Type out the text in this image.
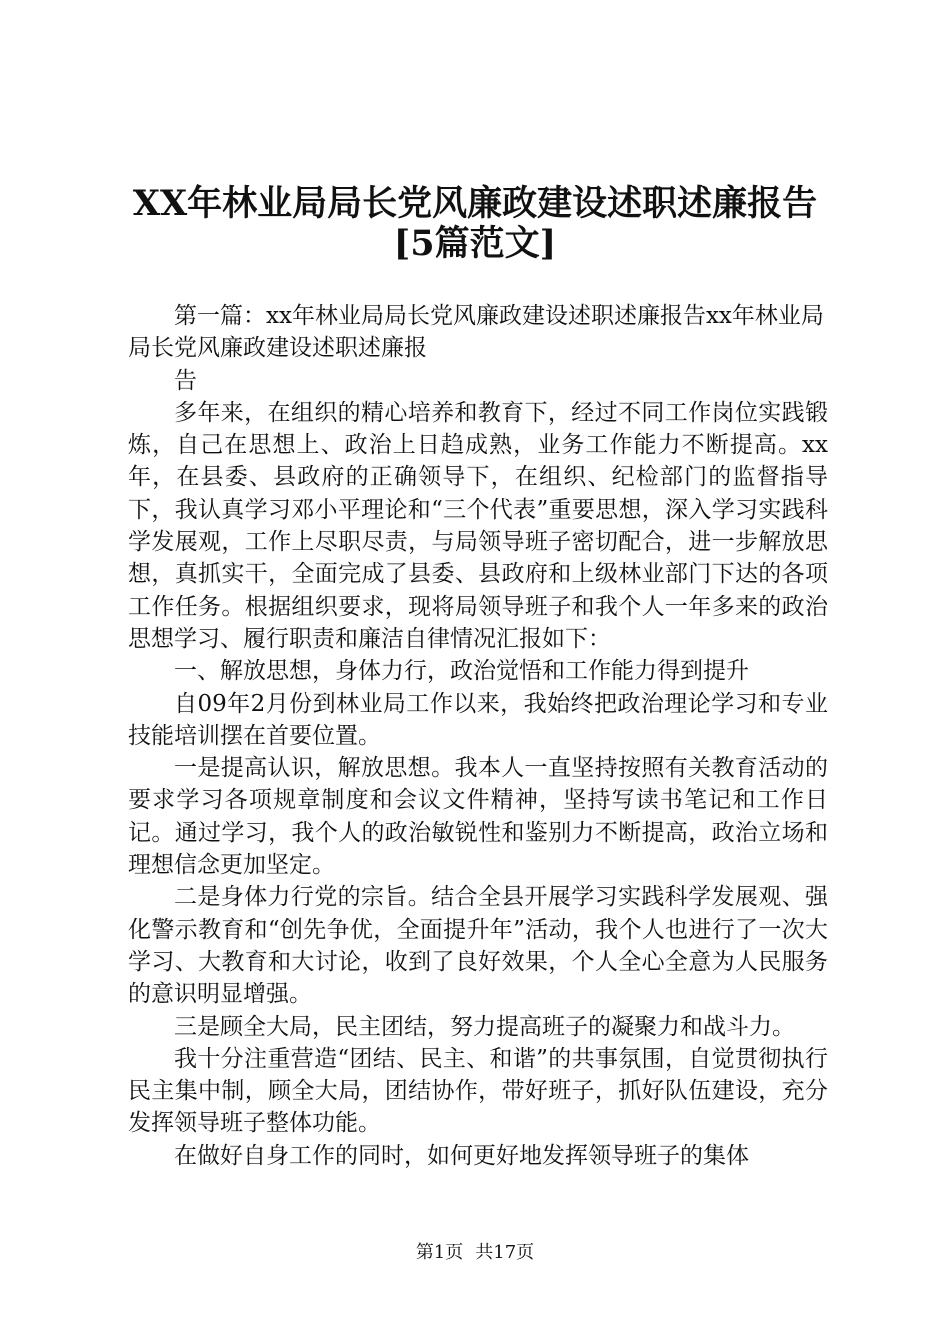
XX年林业局局长党风廉政建设述职述廉报告
[5篇范文]

第一篇：xx年林业局局长党风廉政建设述职述廉报告xx年林业局局长党风廉政建设述职述廉报

告

多年来，在组织的精心培养和教育下，经过不同工作岗位实践锻炼，自己在思想上、政治上日趋成熟，业务工作能力不断提高。xx年，在县委、县政府的正确领导下，在组织、纪检部门的监督指导下，我认真学习邓小平理论和“三个代表”重要思想，深入学习实践科学发展观，工作上尽职尽责，与局领导班子密切配合，进一步解放思想，真抓实干，全面完成了县委、县政府和上级林业部门下达的各项工作任务。根据组织要求，现将局领导班子和我个人一年多来的政治思想学习、履行职责和廉洁自律情况汇报如下：

一、解放思想，身体力行，政治觉悟和工作能力得到提升

自09年2月份到林业局工作以来，我始终把政治理论学习和专业技能培训摆在首要位置。

一是提高认识，解放思想。我本人一直坚持按照有关教育活动的要求学习各项规章制度和会议文件精神，坚持写读书笔记和工作日记。通过学习，我个人的政治敏锐性和鉴别力不断提高，政治立场和理想信念更加坚定。

二是身体力行党的宗旨。结合全县开展学习实践科学发展观、强化警示教育和“创先争优，全面提升年”活动，我个人也进行了一次大学习、大教育和大讨论，收到了良好效果，个人全心全意为人民服务的意识明显增强。

三是顾全大局，民主团结，努力提高班子的凝聚力和战斗力。

我十分注重营造“团结、民主、和谐”的共事氛围，自觉贯彻执行民主集中制，顾全大局，团结协作，带好班子，抓好队伍建设，充分发挥领导班子整体功能。

在做好自身工作的同时，如何更好地发挥领导班子的集体

第1页 共17页
